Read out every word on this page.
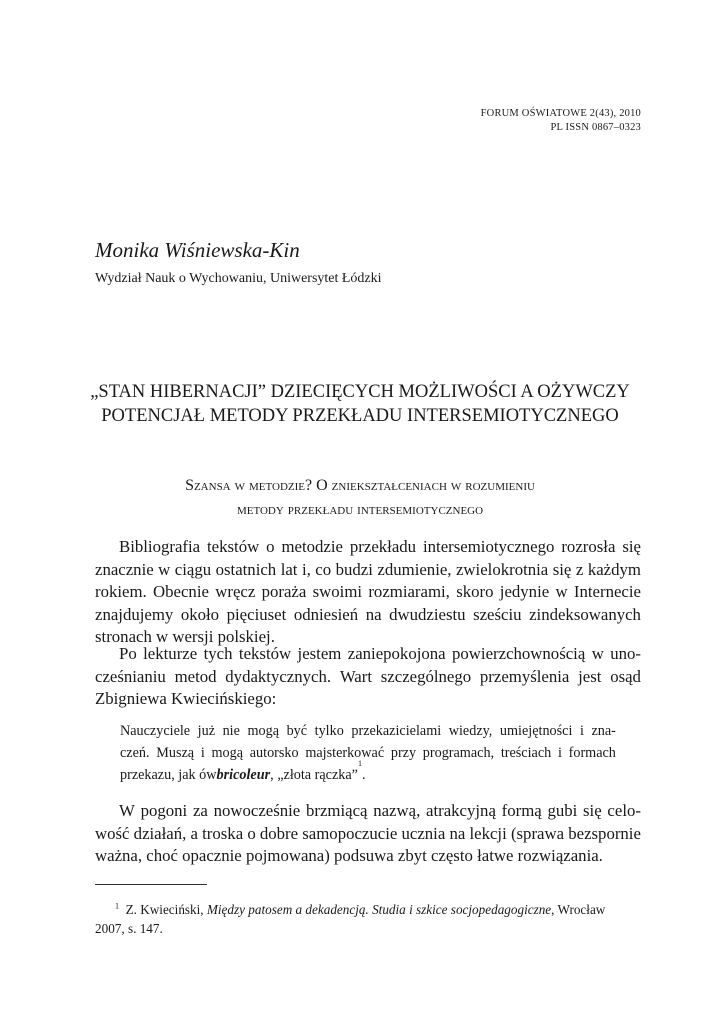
FORUM OŚWIATOWE 2(43), 2010
PL ISSN 0867–0323
Monika Wiśniewska-Kin
Wydział Nauk o Wychowaniu, Uniwersytet Łódzki
„STAN HIBERNACJI” DZIECIĘCYCH MOŻLIWOŚCI A OŻYWCZY
POTENCJAŁ METODY PRZEKŁADU INTERSEMIOTYCZNEGO
Szansa w metodzie? O zniekształceniach w rozumieniu
metody przekładu intersemiotycznego
Bibliografia tekstów o metodzie przekładu intersemiotycznego rozrosła się
znacznie w ciągu ostatnich lat i, co budzi zdumienie, zwielokrotnia się z każdym
rokiem. Obecnie wręcz poraża swoimi rozmiarami, skoro jedynie w Internecie
znajdujemy około pięciuset odniesień na dwudziestu sześciu zindeksowanych
stronach w wersji polskiej.
Po lekturze tych tekstów jestem zaniepokojona powierzchownością w uno-
cześnianiu metod dydaktycznych. Wart szczególnego przemyślenia jest osąd
Zbigniewa Kwiecińskiego:
Nauczyciele już nie mogą być tylko przekazicielami wiedzy, umiejętności i zna-
czeń. Muszą i mogą autorsko majsterkować przy programach, treściach i formach
przekazu, jak ów bricoleur , „złota rączka”
1
.
W pogoni za nowocześnie brzmiącą nazwą, atrakcyjną formą gubi się celo-
wość działań, a troska o dobre samopoczucie ucznia na lekcji (sprawa bezspornie
ważna, choć opacznie pojmowana) podsuwa zbyt często łatwe rozwiązania.
$^1$ Z. Kwieciński, Między patosem a dekadencją. Studia i szkice socjopedagogiczne, Wrocław
2007, s. 147.
